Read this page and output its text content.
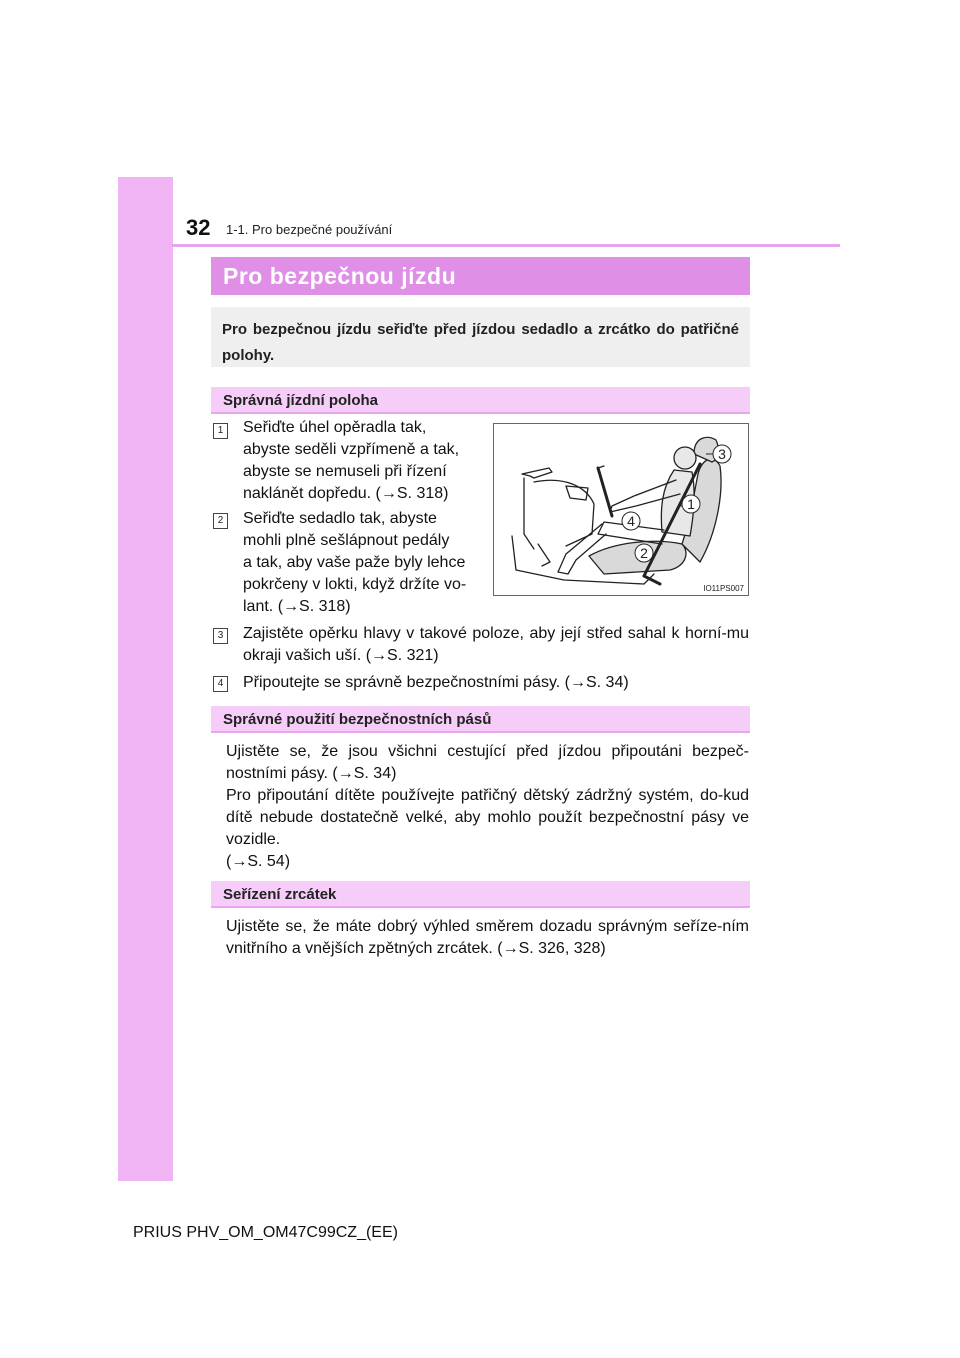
32 1-1. Pro bezpečné používání
Pro bezpečnou jízdu

Pro bezpečnou jízdu seřiďte před jízdou sedadlo a zrcátko do patřičné polohy.

Správná jízdní poloha
1 Seřiďte úhel opěradla tak,
abyste seděli vzpřímeně a tak,
abyste se nemuseli při řízení
naklánět dopředu. (→S. 318)
2 Seřiďte sedadlo tak, abyste
mohli plně sešlápnout pedály
a tak, aby vaše paže byly lehce
pokrčeny v lokti, když držíte vo-
lant. (→S. 318)
3
1
4
2
IO11PS007
3 Zajistěte opěrku hlavy v takové poloze, aby její střed sahal k horní-mu okraji vašich uší. (→S. 321)
4 Připoutejte se správně bezpečnostními pásy. (→S. 34)
Správné použití bezpečnostních pásů
Ujistěte se, že jsou všichni cestující před jízdou připoutáni bezpeč-nostními pásy. (→S. 34)
Pro připoutání dítěte používejte patřičný dětský zádržný systém, do-kud dítě nebude dostatečně velké, aby mohlo použít bezpečnostní pásy ve vozidle.
(→S. 54)
Seřízení zrcátek
Ujistěte se, že máte dobrý výhled směrem dozadu správným seříze-ním vnitřního a vnějších zpětných zrcátek. (→S. 326, 328)
PRIUS PHV_OM_OM47C99CZ_(EE)
